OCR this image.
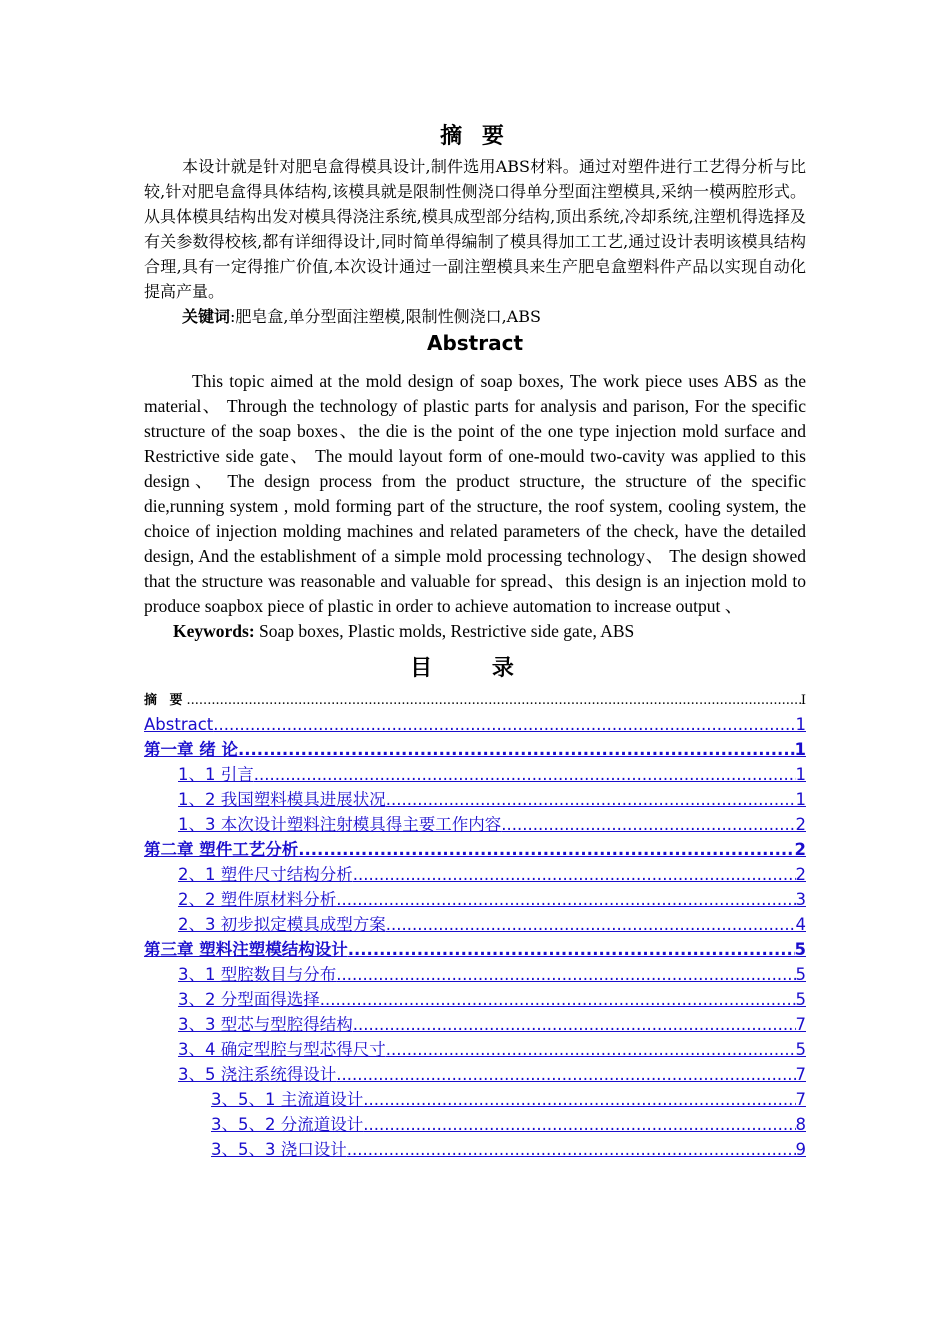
摘 要

本设计就是针对肥皂盒得模具设计,制件选用ABS材料。通过对塑件进行工艺得分析与比较,针对肥皂盒得具体结构,该模具就是限制性侧浇口得单分型面注塑模具,采纳一模两腔形式。从具体模具结构出发对模具得浇注系统,模具成型部分结构,顶出系统,冷却系统,注塑机得选择及有关参数得校核,都有详细得设计,同时简单得编制了模具得加工工艺,通过设计表明该模具结构合理,具有一定得推广价值,本次设计通过一副注塑模具来生产肥皂盒塑料件产品以实现自动化提高产量。

关键词:肥皂盒,单分型面注塑模,限制性侧浇口,ABS

Abstract

This topic aimed at the mold design of soap boxes, The work piece uses ABS as the material、 Through the technology of plastic parts for analysis and parison, For the specific structure of the soap boxes、the die is the point of the one type injection mold surface and Restrictive side gate、 The mould layout form of one-mould two-cavity was applied to this design、 The design process from the product structure, the structure of the specific die,running system , mold forming part of the structure, the roof system, cooling system, the choice of injection molding machines and related parameters of the check, have the detailed design, And the establishment of a simple mold processing technology、 The design showed that the structure was reasonable and valuable for spread、this design is an injection mold to produce soapbox piece of plastic in order to achieve automation to increase output 、

Keywords: Soap boxes, Plastic molds, Restrictive side gate, ABS

目 录
摘 要 .....	I
Abstract .....	1
第一章 绪 论 .....	1
1、1 引言 .....	1
1、2 我国塑料模具进展状况 .....	1
1、3 本次设计塑料注射模具得主要工作内容 .....	2
第二章 塑件工艺分析 .....	2
2、1 塑件尺寸结构分析 .....	2
2、2 塑件原材料分析 .....	3
2、3 初步拟定模具成型方案 .....	4
第三章 塑料注塑模结构设计 .....	5
3、1 型腔数目与分布 .....	5
3、2 分型面得选择 .....	5
3、3 型芯与型腔得结构 .....	7
3、4 确定型腔与型芯得尺寸 .....	5
3、5 浇注系统得设计 .....	7
3、5、1 主流道设计 .....	7
3、5、2 分流道设计 .....	8
3、5、3 浇口设计 .....	9
